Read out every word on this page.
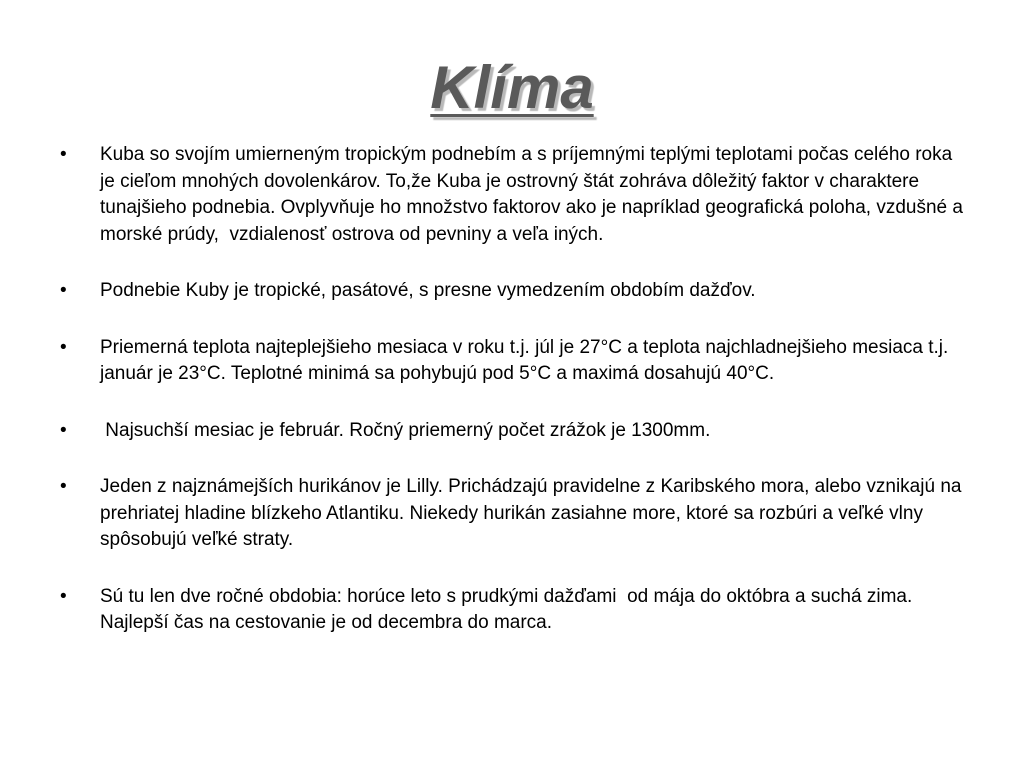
Klíma
•	Kuba so svojím umierneným tropickým podnebím a s príjemnými teplými teplotami počas celého roka je cieľom mnohých dovolenkárov. To,že Kuba je ostrovný štát zohráva dôležitý faktor v charaktere tunajšieho podnebia. Ovplyvňuje ho množstvo faktorov ako je napríklad geografická poloha, vzdušné a morské prúdy,  vzdialenosť ostrova od pevniny a veľa iných.
•	Podnebie Kuby je tropické, pasátové, s presne vymedzením obdobím dažďov.
•	Priemerná teplota najteplejšieho mesiaca v roku t.j. júl je 27°C a teplota najchladnejšieho mesiaca t.j. január je 23°C. Teplotné minimá sa pohybujú pod 5°C a maximá dosahujú 40°C.
•	Najsuchší mesiac je február. Ročný priemerný počet zrážok je 1300mm.
•	Jeden z najznámejších hurikánov je Lilly. Prichádzajú pravidelne z Karibského mora, alebo vznikajú na prehriatej hladine blízkeho Atlantiku. Niekedy hurikán zasiahne more, ktoré sa rozbúri a veľké vlny spôsobujú veľké straty.
•	Sú tu len dve ročné obdobia: horúce leto s prudkými dažďami  od mája do októbra a suchá zima. Najlepší čas na cestovanie je od decembra do marca.
